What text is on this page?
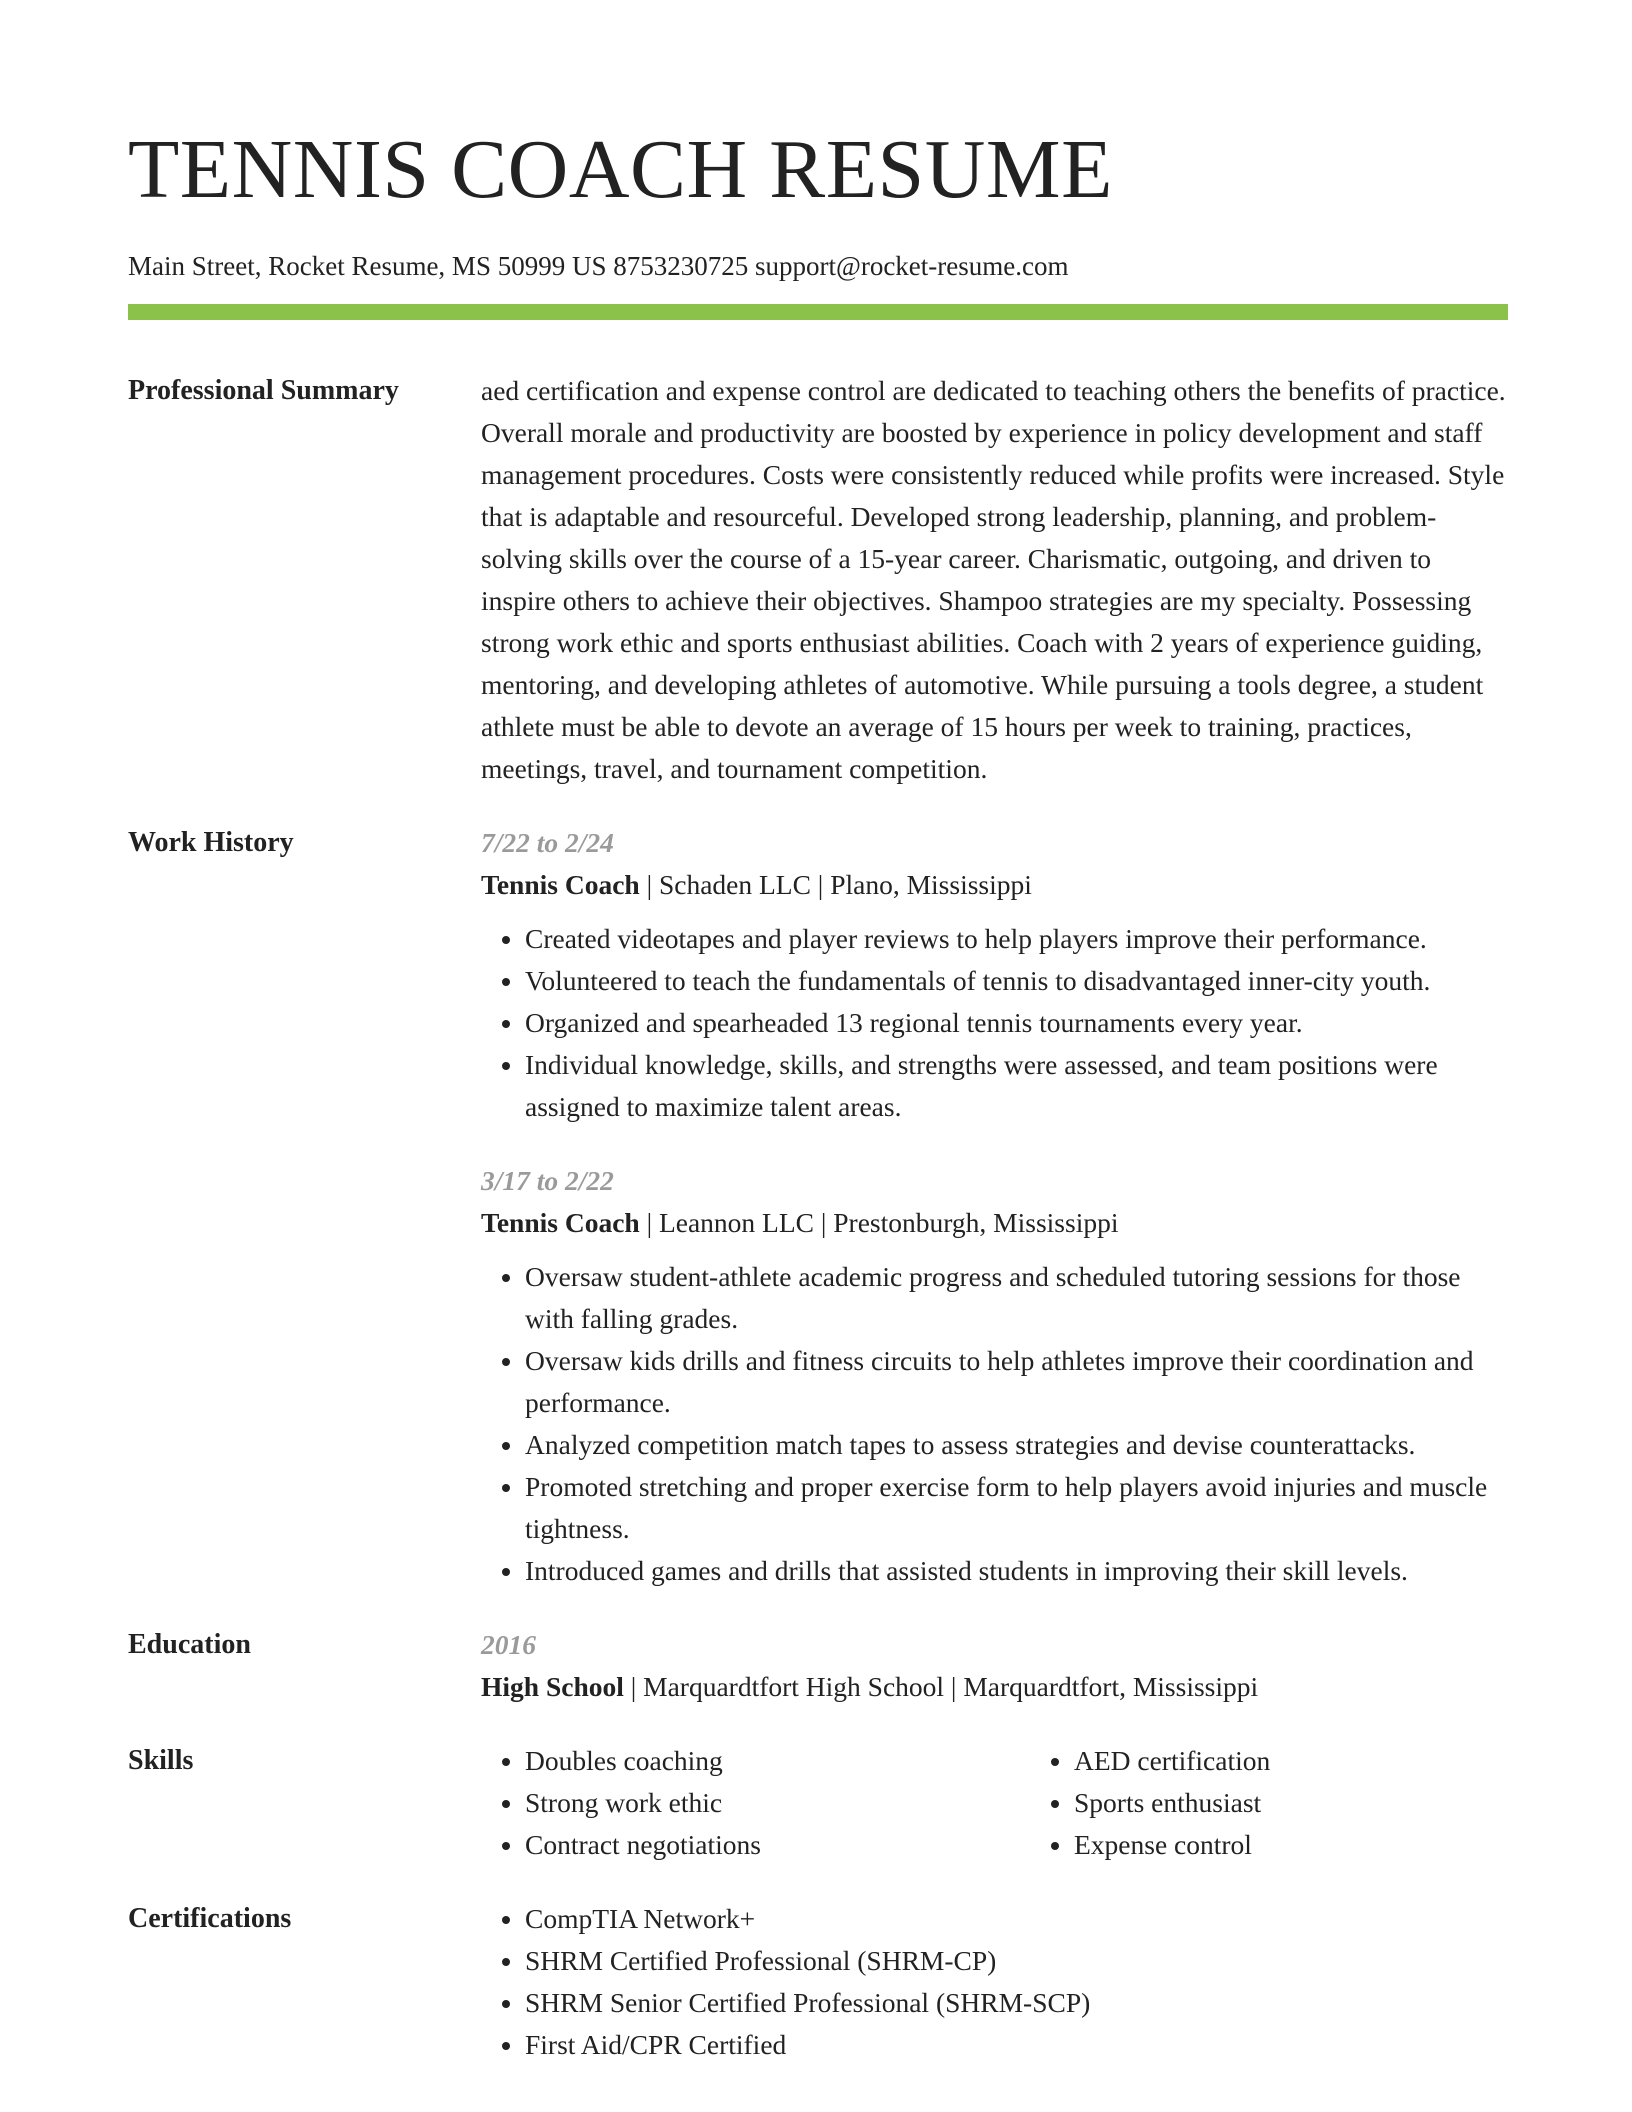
TENNIS COACH RESUME
Main Street, Rocket Resume, MS 50999 US 8753230725 support@rocket-resume.com
Professional Summary	aed certification and expense control are dedicated to teaching others the benefits of practice. Overall morale and productivity are boosted by experience in policy development and staff management procedures. Costs were consistently reduced while profits were increased. Style that is adaptable and resourceful. Developed strong leadership, planning, and problem-solving skills over the course of a 15-year career. Charismatic, outgoing, and driven to inspire others to achieve their objectives. Shampoo strategies are my specialty. Possessing strong work ethic and sports enthusiast abilities. Coach with 2 years of experience guiding, mentoring, and developing athletes of automotive. While pursuing a tools degree, a student athlete must be able to devote an average of 15 hours per week to training, practices, meetings, travel, and tournament competition.
Work History	7/22 to 2/24
Tennis Coach | Schaden LLC | Plano, Mississippi
• Created videotapes and player reviews to help players improve their performance.
• Volunteered to teach the fundamentals of tennis to disadvantaged inner-city youth.
• Organized and spearheaded 13 regional tennis tournaments every year.
• Individual knowledge, skills, and strengths were assessed, and team positions were assigned to maximize talent areas.
3/17 to 2/22
Tennis Coach | Leannon LLC | Prestonburgh, Mississippi
• Oversaw student-athlete academic progress and scheduled tutoring sessions for those with falling grades.
• Oversaw kids drills and fitness circuits to help athletes improve their coordination and performance.
• Analyzed competition match tapes to assess strategies and devise counterattacks.
• Promoted stretching and proper exercise form to help players avoid injuries and muscle tightness.
• Introduced games and drills that assisted students in improving their skill levels.
Education	2016
High School | Marquardtfort High School | Marquardtfort, Mississippi
Skills	• Doubles coaching
• Strong work ethic
• Contract negotiations
• AED certification
• Sports enthusiast
• Expense control
Certifications	• CompTIA Network+
• SHRM Certified Professional (SHRM-CP)
• SHRM Senior Certified Professional (SHRM-SCP)
• First Aid/CPR Certified
